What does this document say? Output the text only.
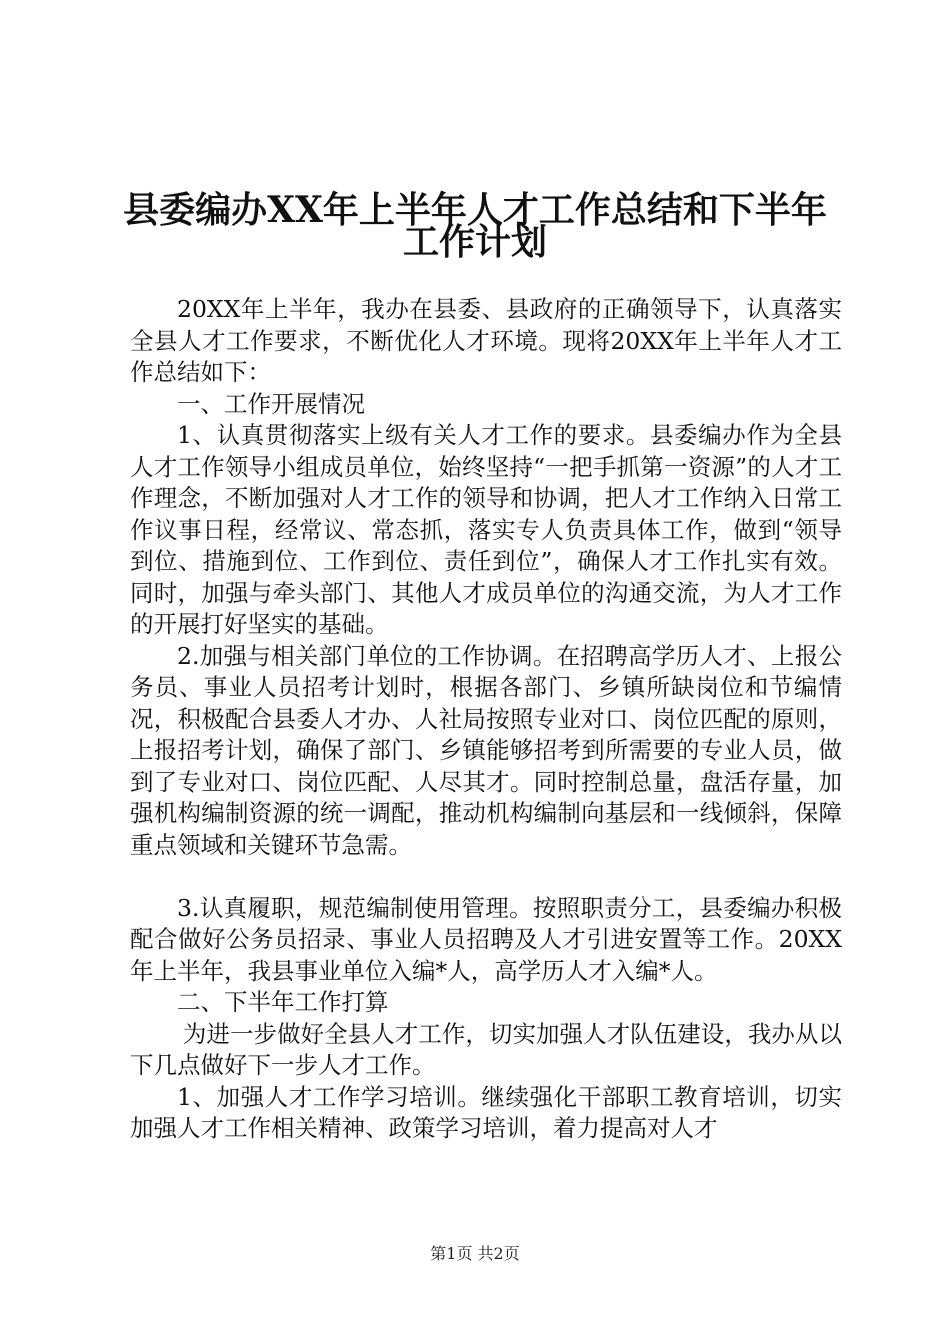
县委编办XX年上半年人才工作总结和下半年
工作计划

20XX年上半年，我办在县委、县政府的正确领导下，认真落实全县人才工作要求，不断优化人才环境。现将20XX年上半年人才工作总结如下：

一、工作开展情况

1、认真贯彻落实上级有关人才工作的要求。县委编办作为全县人才工作领导小组成员单位，始终坚持“一把手抓第一资源”的人才工作理念，不断加强对人才工作的领导和协调，把人才工作纳入日常工作议事日程，经常议、常态抓，落实专人负责具体工作，做到“领导到位、措施到位、工作到位、责任到位”，确保人才工作扎实有效。同时，加强与牵头部门、其他人才成员单位的沟通交流，为人才工作的开展打好坚实的基础。

2.加强与相关部门单位的工作协调。在招聘高学历人才、上报公务员、事业人员招考计划时，根据各部门、乡镇所缺岗位和节编情况，积极配合县委人才办、人社局按照专业对口、岗位匹配的原则，上报招考计划，确保了部门、乡镇能够招考到所需要的专业人员，做到了专业对口、岗位匹配、人尽其才。同时控制总量，盘活存量，加强机构编制资源的统一调配，推动机构编制向基层和一线倾斜，保障重点领域和关键环节急需。

3.认真履职，规范编制使用管理。按照职责分工，县委编办积极配合做好公务员招录、事业人员招聘及人才引进安置等工作。20XX年上半年，我县事业单位入编*人，高学历人才入编*人。

二、下半年工作打算

为进一步做好全县人才工作，切实加强人才队伍建设，我办从以下几点做好下一步人才工作。

1、加强人才工作学习培训。继续强化干部职工教育培训，切实加强人才工作相关精神、政策学习培训，着力提高对人才

第1页 共2页
